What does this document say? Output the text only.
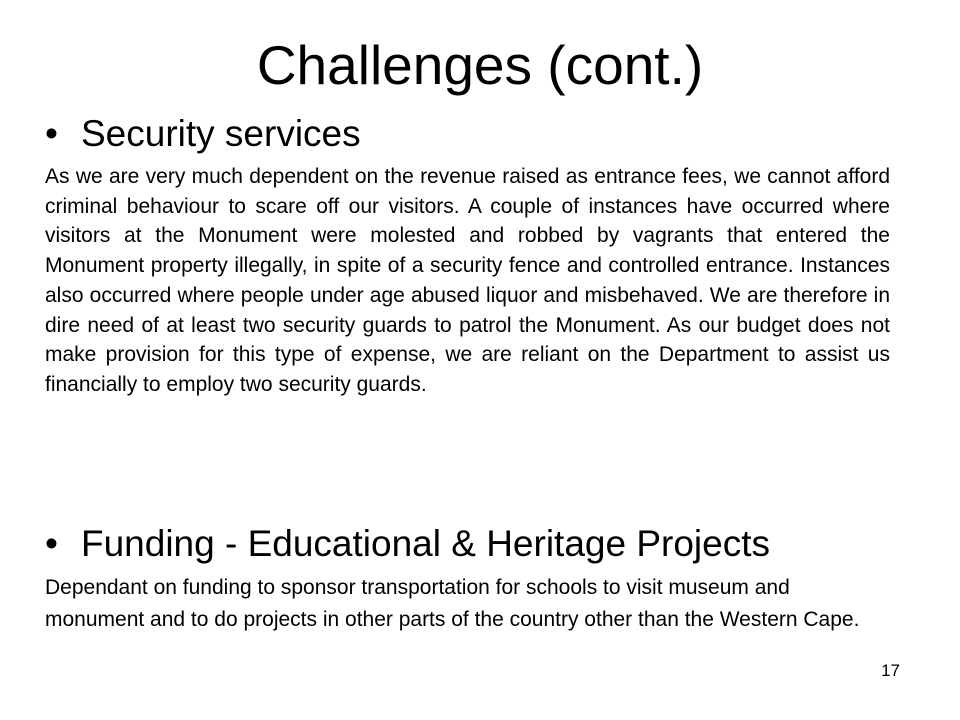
Challenges (cont.)
• Security services

As we are very much dependent on the revenue raised as entrance fees, we cannot afford criminal behaviour to scare off our visitors. A couple of instances have occurred where visitors at the Monument were molested and robbed by vagrants that entered the Monument property illegally, in spite of a security fence and controlled entrance. Instances also occurred where people under age abused liquor and misbehaved. We are therefore in dire need of at least two security guards to patrol the Monument. As our budget does not make provision for this type of expense, we are reliant on the Department to assist us financially to employ two security guards.

• Funding - Educational & Heritage Projects

Dependant on funding to sponsor transportation for schools to visit museum and monument and to do projects in other parts of the country other than the Western Cape.

17
